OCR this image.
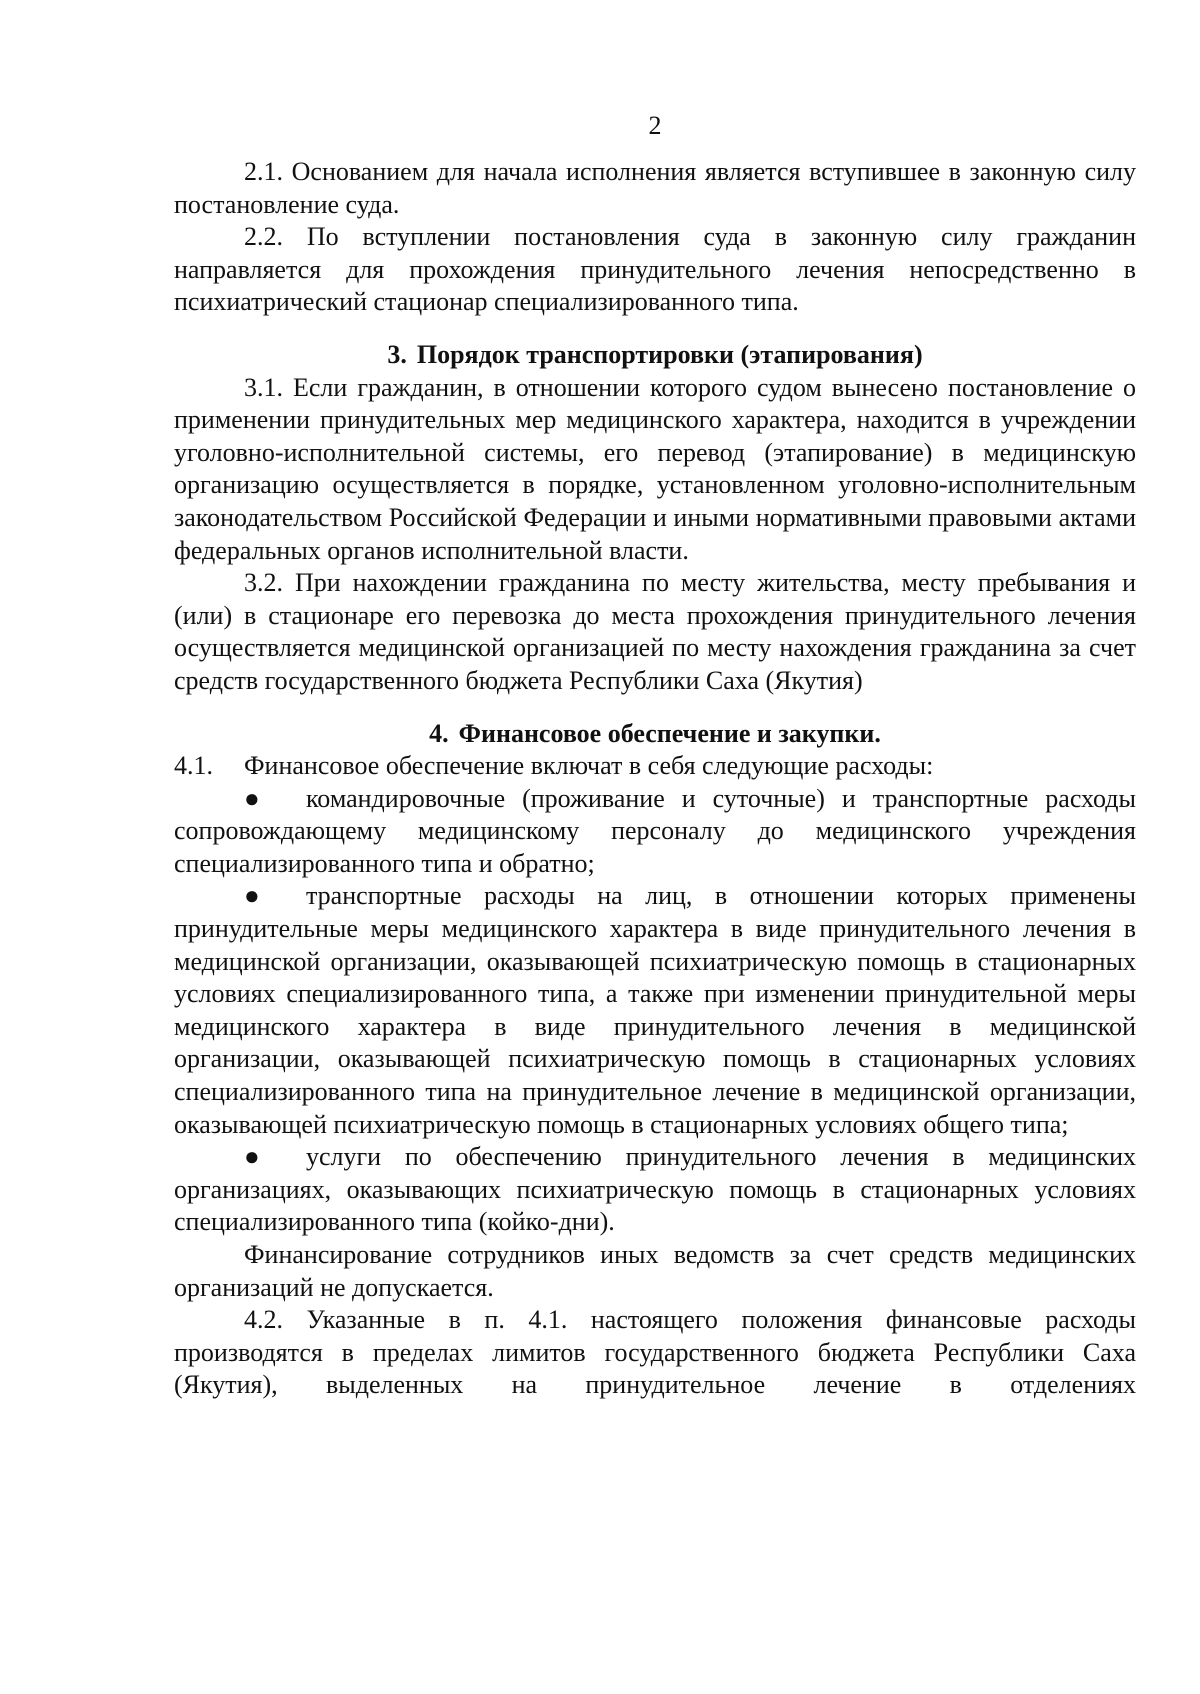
2

2.1. Основанием для начала исполнения является вступившее в законную силу постановление суда.

2.2. По вступлении постановления суда в законную силу гражданин направляется для прохождения принудительного лечения непосредственно в психиатрический стационар специализированного типа.

3. Порядок транспортировки (этапирования)

3.1. Если гражданин, в отношении которого судом вынесено постановление о применении принудительных мер медицинского характера, находится в учреждении уголовно-исполнительной системы, его перевод (этапирование) в медицинскую организацию осуществляется в порядке, установленном уголовно-исполнительным законодательством Российской Федерации и иными нормативными правовыми актами федеральных органов исполнительной власти.

3.2. При нахождении гражданина по месту жительства, месту пребывания и (или) в стационаре его перевозка до места прохождения принудительного лечения осуществляется медицинской организацией по месту нахождения гражданина за счет средств государственного бюджета Республики Саха (Якутия)

4. Финансовое обеспечение и закупки.
4.1.	Финансовое обеспечение включат в себя следующие расходы:

● командировочные (проживание и суточные) и транспортные расходы сопровождающему медицинскому персоналу до медицинского учреждения специализированного типа и обратно;

● транспортные расходы на лиц, в отношении которых применены принудительные меры медицинского характера в виде принудительного лечения в медицинской организации, оказывающей психиатрическую помощь в стационарных условиях специализированного типа, а также при изменении принудительной меры медицинского характера в виде принудительного лечения в медицинской организации, оказывающей психиатрическую помощь в стационарных условиях специализированного типа на принудительное лечение в медицинской организации, оказывающей психиатрическую помощь в стационарных условиях общего типа;

● услуги по обеспечению принудительного лечения в медицинских организациях, оказывающих психиатрическую помощь в стационарных условиях специализированного типа (койко-дни).

Финансирование сотрудников иных ведомств за счет средств медицинских организаций не допускается.

4.2. Указанные в п. 4.1. настоящего положения финансовые расходы производятся в пределах лимитов государственного бюджета Республики Саха (Якутия), выделенных на принудительное лечение в отделениях
